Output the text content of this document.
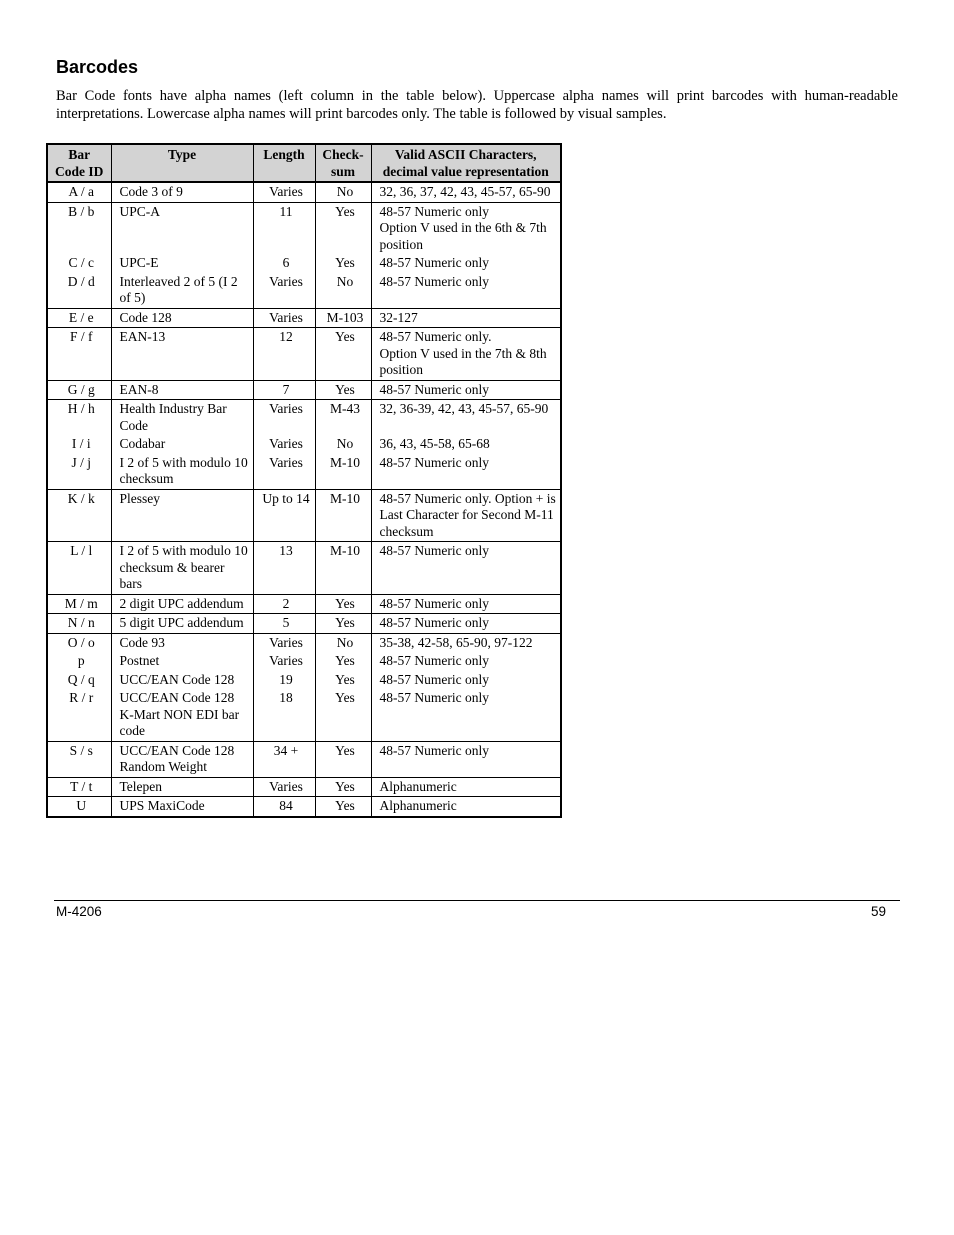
Barcodes
Bar Code fonts have alpha names (left column in the table below). Uppercase alpha names will print barcodes with human-readable interpretations. Lowercase alpha names will print barcodes only. The table is followed by visual samples.
Bar Code ID	Type	Length	Check-sum	Valid ASCII Characters, decimal value representation
A / a	Code 3 of 9	Varies	No	32, 36, 37, 42, 43, 45-57, 65-90
B / b	UPC-A	11	Yes	48-57 Numeric only
Option V used in the 6th & 7th position
C / c	UPC-E	6	Yes	48-57 Numeric only
D / d	Interleaved 2 of 5 (I 2 of 5)	Varies	No	48-57 Numeric only
E / e	Code 128	Varies	M-103	32-127
F / f	EAN-13	12	Yes	48-57 Numeric only.
Option V used in the 7th & 8th position
G / g	EAN-8	7	Yes	48-57 Numeric only
H / h	Health Industry Bar Code	Varies	M-43	32, 36-39, 42, 43, 45-57, 65-90
I / i	Codabar	Varies	No	36, 43, 45-58, 65-68
J / j	I 2 of 5 with modulo 10 checksum	Varies	M-10	48-57 Numeric only
K / k	Plessey	Up to 14	M-10	48-57 Numeric only. Option + is Last Character for Second M-11 checksum
L / l	I 2 of 5 with modulo 10 checksum & bearer bars	13	M-10	48-57 Numeric only
M / m	2 digit UPC addendum	2	Yes	48-57 Numeric only
N / n	5 digit UPC addendum	5	Yes	48-57 Numeric only
O / o	Code 93	Varies	No	35-38, 42-58, 65-90, 97-122
p	Postnet	Varies	Yes	48-57 Numeric only
Q / q	UCC/EAN Code 128	19	Yes	48-57 Numeric only
R / r	UCC/EAN Code 128 K-Mart NON EDI bar code	18	Yes	48-57 Numeric only
S / s	UCC/EAN Code 128 Random Weight	34 +	Yes	48-57 Numeric only
T / t	Telepen	Varies	Yes	Alphanumeric
U	UPS MaxiCode	84	Yes	Alphanumeric
M-4206	59
